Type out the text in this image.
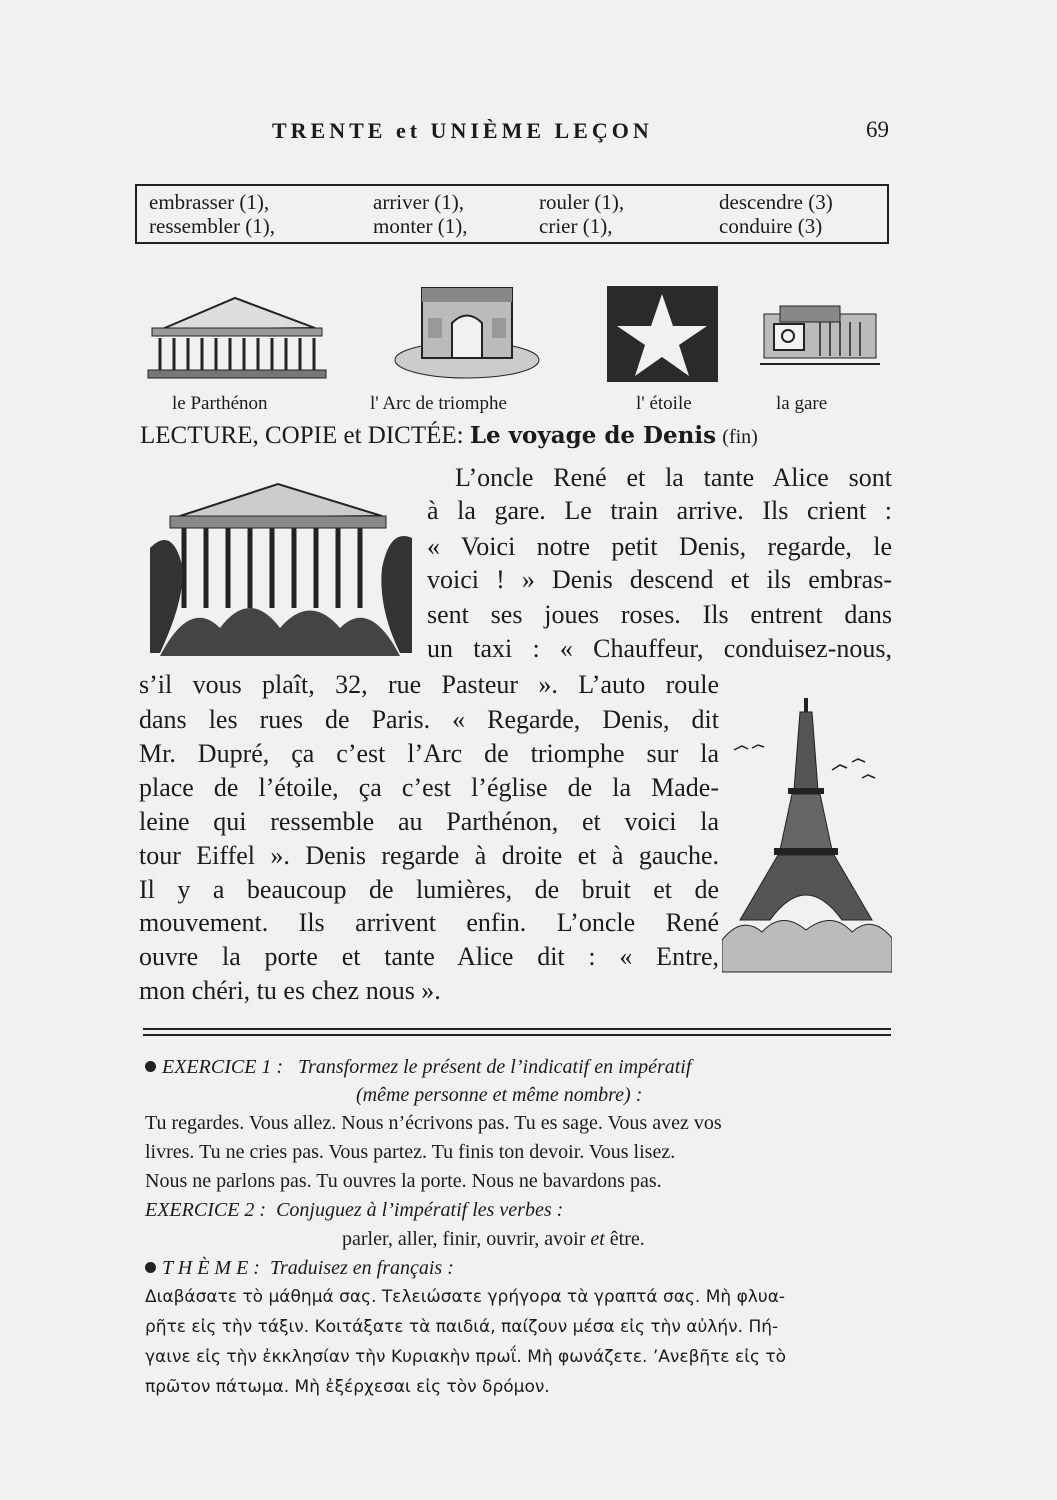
TRENTE et UNIÈME LEÇON	69
embrasser (1),	arriver (1),	rouler (1),	descendre (3)
ressembler (1),	monter (1),	crier (1),	conduire (3)
le Parthénon	l' Arc de triomphe	l' étoile	la gare
LECTURE, COPIE et DICTÉE: Le voyage de Denis (fin)
L’oncle René et la tante Alice sont
à la gare. Le train arrive. Ils crient :
« Voici notre petit Denis, regarde, le
voici ! » Denis descend et ils embras-
sent ses joues roses. Ils entrent dans
un taxi : « Chauffeur, conduisez-nous,
s’il vous plaît, 32, rue Pasteur ». L’auto roule
dans les rues de Paris. « Regarde, Denis, dit
Mr. Dupré, ça c’est l’Arc de triomphe sur la
place de l’étoile, ça c’est l’église de la Made-
leine qui ressemble au Parthénon, et voici la
tour Eiffel ». Denis regarde à droite et à gauche.
Il y a beaucoup de lumières, de bruit et de
mouvement. Ils arrivent enfin. L’oncle René
ouvre la porte et tante Alice dit : « Entre,
mon chéri, tu es chez nous ».
EXERCICE 1 : Transformez le présent de l’indicatif en impératif
(même personne et même nombre) :
Tu regardes. Vous allez. Nous n’écrivons pas. Tu es sage. Vous avez vos
livres. Tu ne cries pas. Vous partez. Tu finis ton devoir. Vous lisez.
Nous ne parlons pas. Tu ouvres la porte. Nous ne bavardons pas.
EXERCICE 2 : Conjuguez à l’impératif les verbes :
parler, aller, finir, ouvrir, avoir et être.
T H È M E : Traduisez en français :
Διαβάσατε τὸ μάθημά σας. Τελειώσατε γρήγορα τὰ γραπτά σας. Μὴ φλυα-
ρῆτε εἰς τὴν τάξιν. Κοιτάξατε τὰ παιδιά, παίζουν μέσα εἰς τὴν αὐλήν. Πή-
γαινε εἰς τὴν ἐκκλησίαν τὴν Κυριακὴν πρωΐ. Μὴ φωνάζετε. ’Ανεβῆτε εἰς τὸ
πρῶτον πάτωμα. Μὴ ἐξέρχεσαι εἰς τὸν δρόμον.
